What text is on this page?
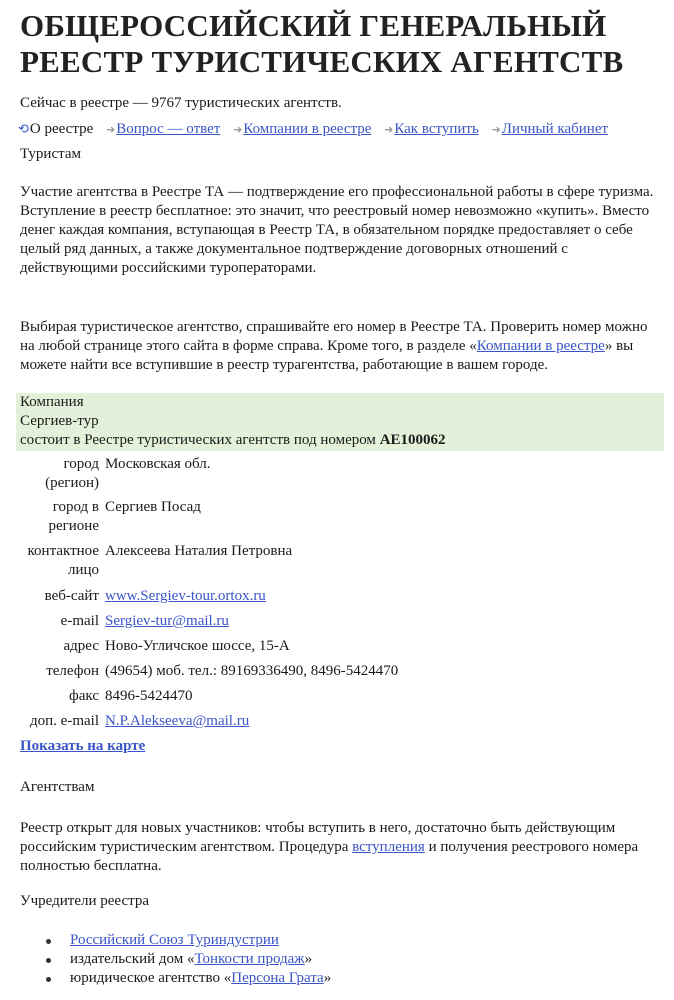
ОБЩЕРОССИЙСКИЙ ГЕНЕРАЛЬНЫЙ РЕЕСТР ТУРИСТИЧЕСКИХ АГЕНТСТВ
Сейчас в реестре — 9767 туристических агентств.
⟲О реестре ➜Вопрос — ответ ➜Компании в реестре ➜Как вступить ➜Личный кабинет
Туристам
Участие агентства в Реестре ТА — подтверждение его профессиональной работы в сфере туризма. Вступление в реестр бесплатное: это значит, что реестровый номер невозможно «купить». Вместо денег каждая компания, вступающая в Реестр ТА, в обязательном порядке предоставляет о себе целый ряд данных, а также документальное подтверждение договорных отношений с действующими российскими туроператорами.
Выбирая туристическое агентство, спрашивайте его номер в Реестре ТА. Проверить номер можно на любой странице этого сайта в форме справа. Кроме того, в разделе «Компании в реестре» вы можете найти все вступившие в реестр турагентства, работающие в вашем городе.
Компания
Сергиев-тур
состоит в Реестре туристических агентств под номером АЕ100062
город (регион)
Московская обл.
город в регионе
Сергиев Посад
контактное лицо
Алексеева Наталия Петровна
веб-сайт www.Sergiev-tour.ortox.ru
e-mail Sergiev-tur@mail.ru
адрес Ново-Угличское шоссе, 15-А
телефон (49654) моб. тел.: 89169336490, 8496-5424470
факс 8496-5424470
доп. e-mail N.P.Alekseeva@mail.ru
Показать на карте
Агентствам
Реестр открыт для новых участников: чтобы вступить в него, достаточно быть действующим российским туристическим агентством. Процедура вступления и получения реестрового номера полностью бесплатна.
Учредители реестра
Российский Союз Туриндустрии
издательский дом «Тонкости продаж»
юридическое агентство «Персона Грата»
